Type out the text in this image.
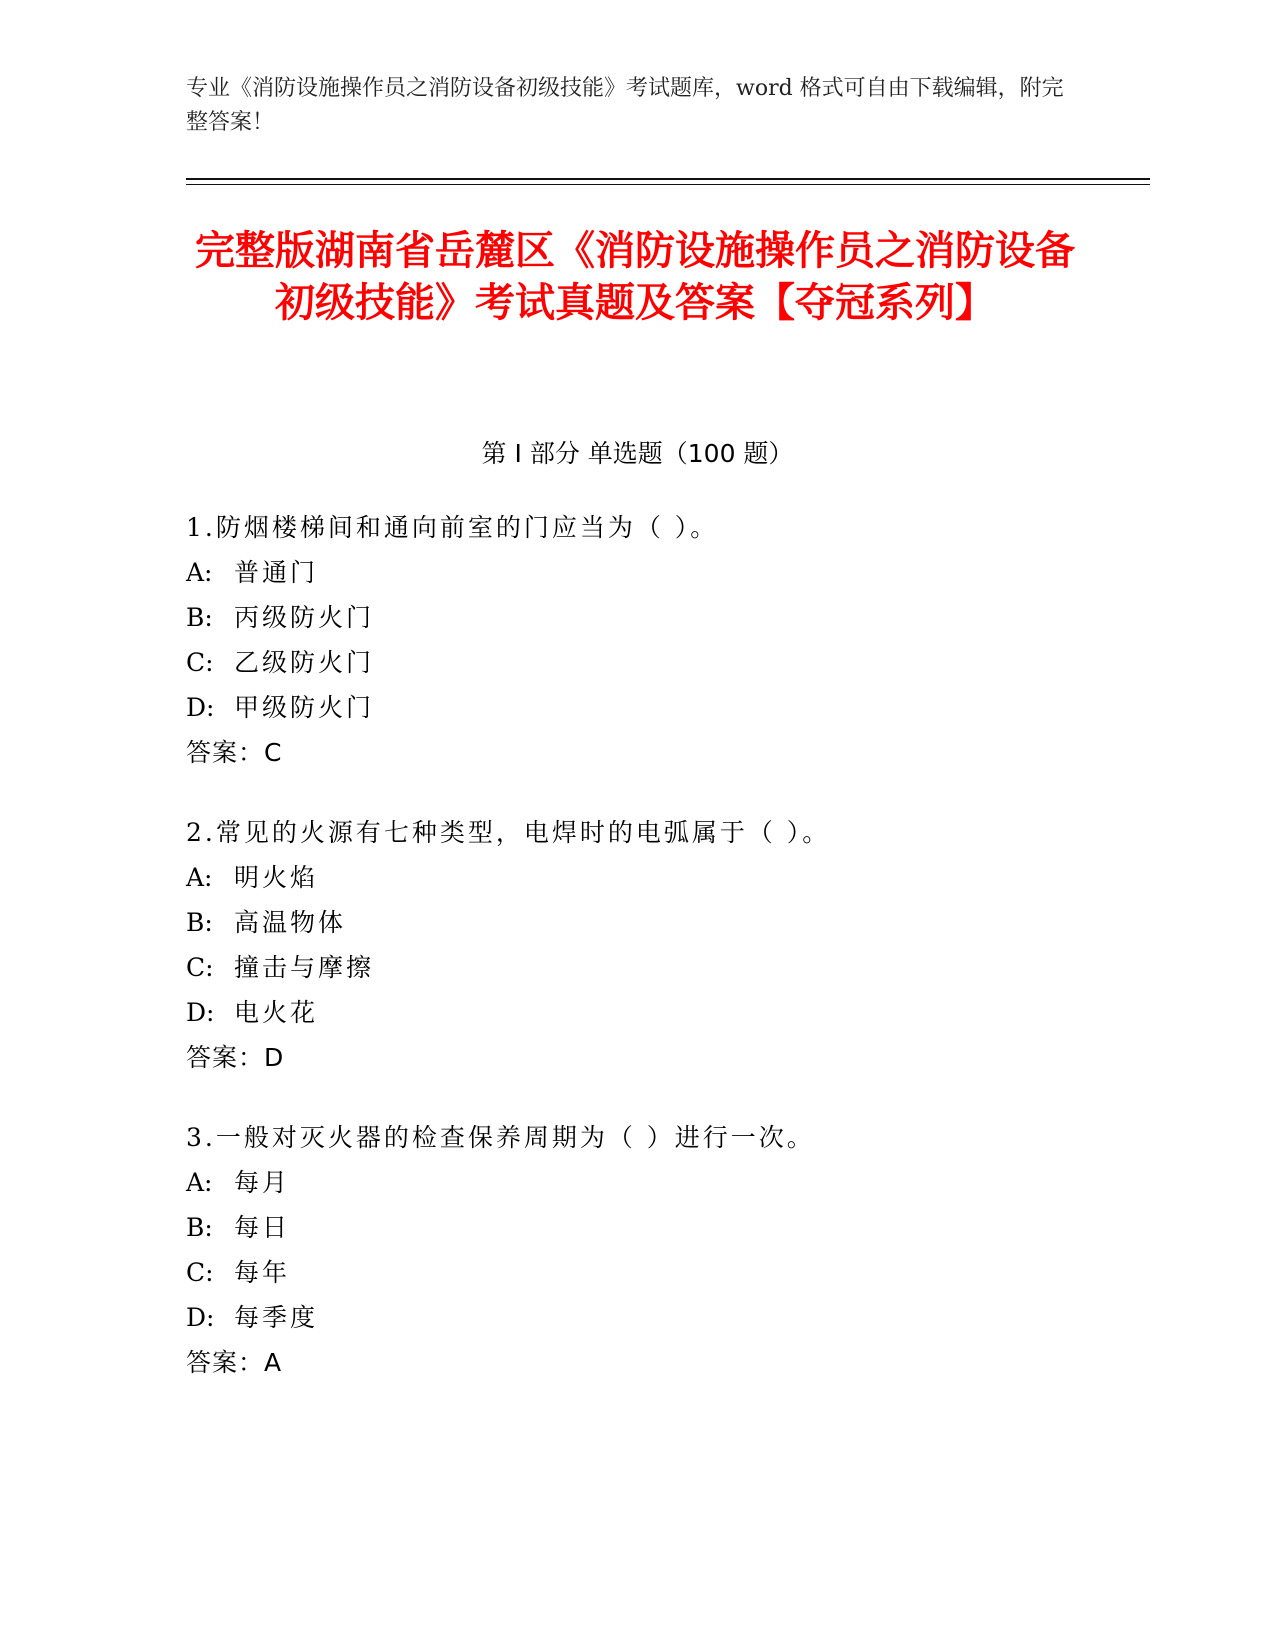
专业《消防设施操作员之消防设备初级技能》考试题库，word 格式可自由下载编辑，附完整答案！
完整版湖南省岳麓区《消防设施操作员之消防设备初级技能》考试真题及答案【夺冠系列】
第 I 部分 单选题（100 题）
1.防烟楼梯间和通向前室的门应当为（ ）。
A: 普通门
B: 丙级防火门
C: 乙级防火门
D: 甲级防火门
答案：C
2.常见的火源有七种类型，电焊时的电弧属于（ ）。
A: 明火焰
B: 高温物体
C: 撞击与摩擦
D: 电火花
答案：D
3.一般对灭火器的检查保养周期为（ ）进行一次。
A: 每月
B: 每日
C: 每年
D: 每季度
答案：A
